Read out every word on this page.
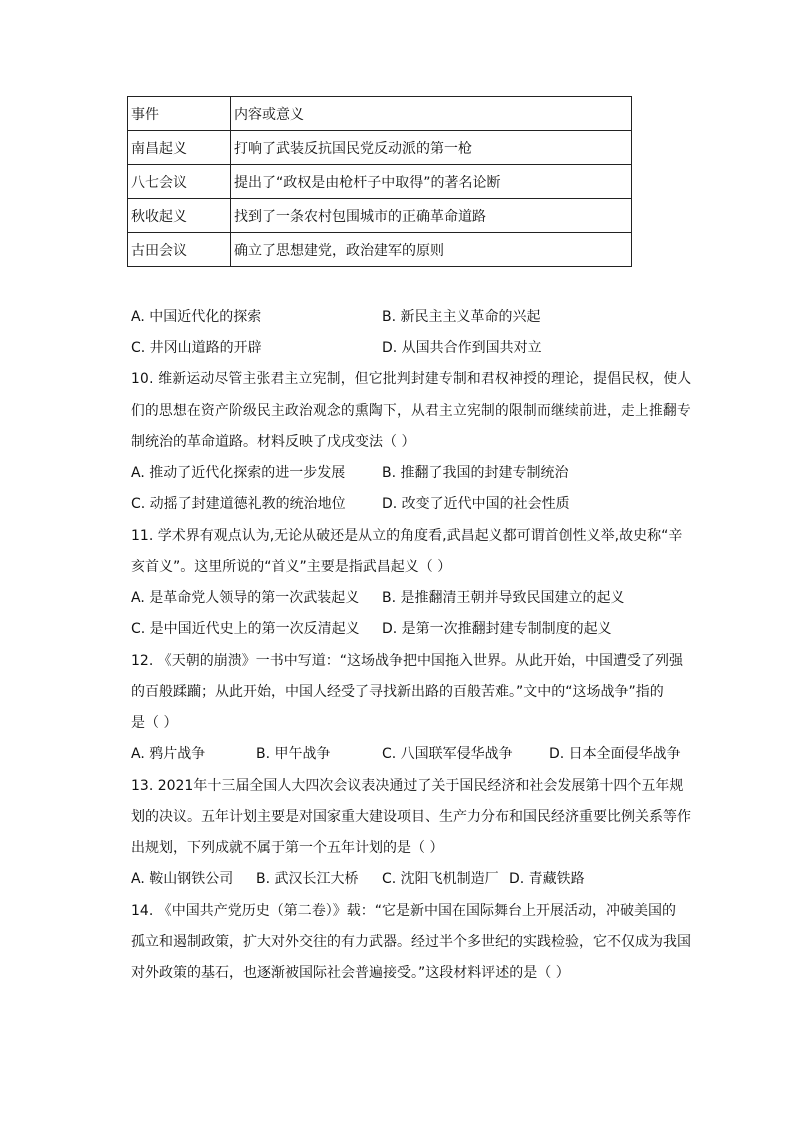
事件	内容或意义
南昌起义	打响了武装反抗国民党反动派的第一枪
八七会议	提出了“政权是由枪杆子中取得”的著名论断
秋收起义	找到了一条农村包围城市的正确革命道路
古田会议	确立了思想建党，政治建军的原则
A. 中国近代化的探索	B. 新民主主义革命的兴起
C. 井冈山道路的开辟	D. 从国共合作到国共对立
10. 维新运动尽管主张君主立宪制，但它批判封建专制和君权神授的理论，提倡民权，使人
们的思想在资产阶级民主政治观念的熏陶下，从君主立宪制的限制而继续前进，走上推翻专
制统治的革命道路。材料反映了戊戌变法（ ）
A. 推动了近代化探索的进一步发展	B. 推翻了我国的封建专制统治
C. 动摇了封建道德礼教的统治地位	D. 改变了近代中国的社会性质
11. 学术界有观点认为,无论从破还是从立的角度看,武昌起义都可谓首创性义举,故史称“辛
亥首义”。这里所说的“首义”主要是指武昌起义（ ）
A. 是革命党人领导的第一次武装起义 B. 是推翻清王朝并导致民国建立的起义
C. 是中国近代史上的第一次反清起义 D. 是第一次推翻封建专制制度的起义
12. 《天朝的崩溃》一书中写道：“这场战争把中国拖入世界。从此开始，中国遭受了列强
的百般蹂躏；从此开始，中国人经受了寻找新出路的百般苦难。”文中的“这场战争”指的
是（ ）
A. 鸦片战争	B. 甲午战争	C. 八国联军侵华战争	D. 日本全面侵华战争
13. 2021年十三届全国人大四次会议表决通过了关于国民经济和社会发展第十四个五年规
划的决议。五年计划主要是对国家重大建设项目、生产力分布和国民经济重要比例关系等作
出规划，下列成就不属于第一个五年计划的是（ ）
A. 鞍山钢铁公司 B. 武汉长江大桥 C. 沈阳飞机制造厂 D. 青藏铁路
14. 《中国共产党历史（第二卷）》载：“它是新中国在国际舞台上开展活动，冲破美国的
孤立和遏制政策，扩大对外交往的有力武器。经过半个多世纪的实践检验，它不仅成为我国
对外政策的基石，也逐渐被国际社会普遍接受。”这段材料评述的是（ ）
